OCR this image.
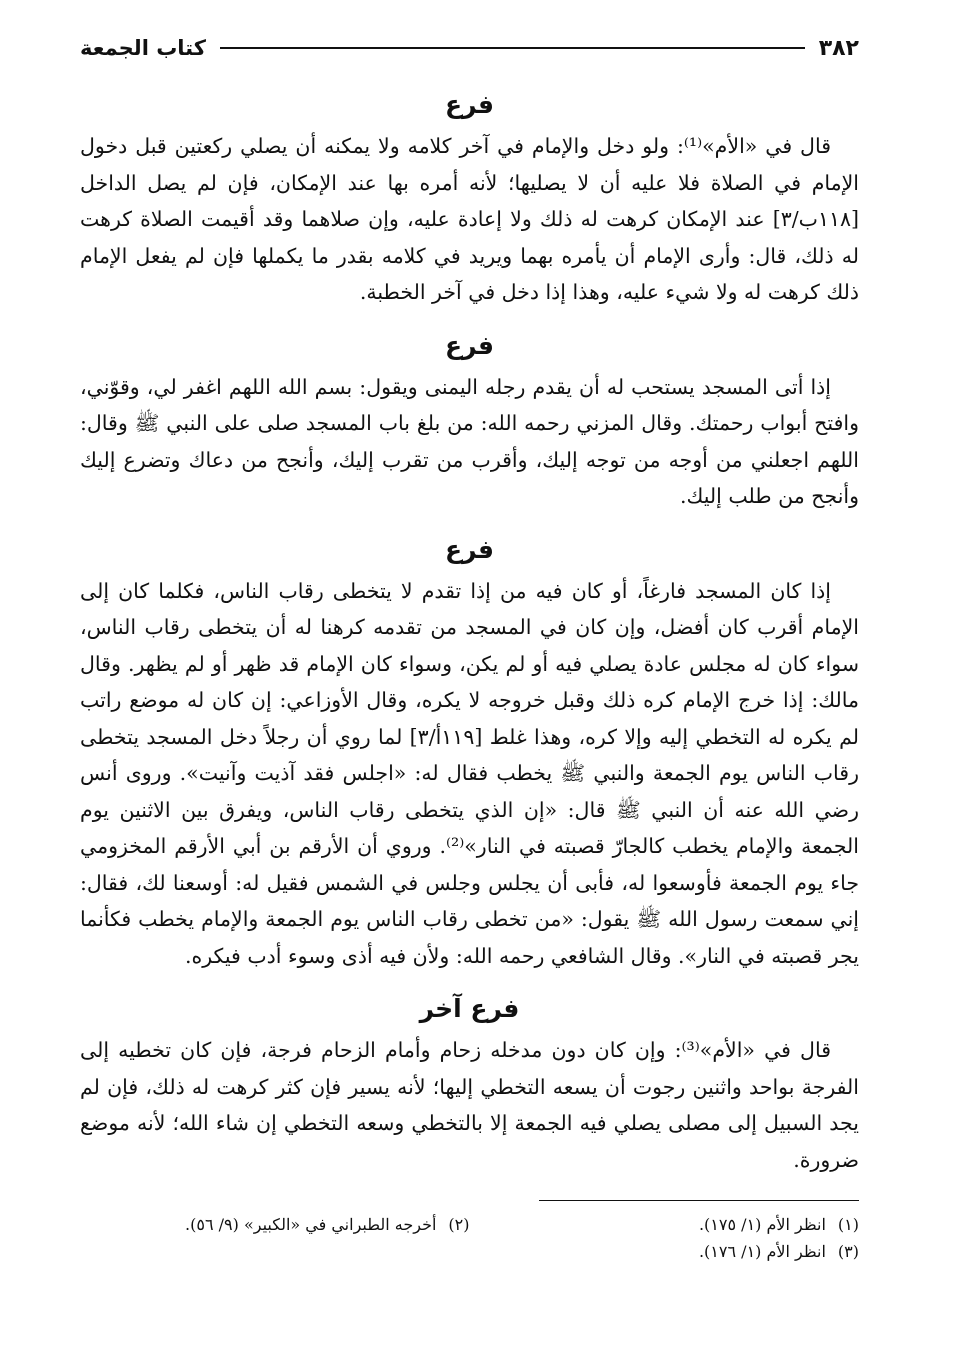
٣٨٢
كتاب الجمعة
فرع

قال في «الأم»⁽¹⁾: ولو دخل والإمام في آخر كلامه ولا يمكنه أن يصلي ركعتين قبل دخول الإمام في الصلاة فلا عليه أن لا يصليها؛ لأنه أمره بها عند الإمكان، فإن لم يصل الداخل [١١٨ب/٣] عند الإمكان كرهت له ذلك ولا إعادة عليه، وإن صلاهما وقد أقيمت الصلاة كرهت له ذلك، قال: وأرى الإمام أن يأمره بهما ويريد في كلامه بقدر ما يكملها فإن لم يفعل الإمام ذلك كرهت له ولا شيء عليه، وهذا إذا دخل في آخر الخطبة.

فرع

إذا أتى المسجد يستحب له أن يقدم رجله اليمنى ويقول: بسم الله اللهم اغفر لي، وقوّني، وافتح أبواب رحمتك. وقال المزني رحمه الله: من بلغ باب المسجد صلى على النبي ﷺ وقال: اللهم اجعلني من أوجه من توجه إليك، وأقرب من تقرب إليك، وأنجح من دعاك وتضرع إليك وأنجح من طلب إليك.

فرع

إذا كان المسجد فارغاً، أو كان فيه من إذا تقدم لا يتخطى رقاب الناس، فكلما كان إلى الإمام أقرب كان أفضل، وإن كان في المسجد من تقدمه كرهنا له أن يتخطى رقاب الناس، سواء كان له مجلس عادة يصلي فيه أو لم يكن، وسواء كان الإمام قد ظهر أو لم يظهر. وقال مالك: إذا خرج الإمام كره ذلك وقبل خروجه لا يكره، وقال الأوزاعي: إن كان له موضع راتب لم يكره له التخطي إليه وإلا كره، وهذا غلط [١١٩أ/٣] لما روي أن رجلاً دخل المسجد يتخطى رقاب الناس يوم الجمعة والنبي ﷺ يخطب فقال له: «اجلس فقد آذيت وآنيت». وروى أنس رضي الله عنه أن النبي ﷺ قال: «إن الذي يتخطى رقاب الناس، ويفرق بين الاثنين يوم الجمعة والإمام يخطب كالجارّ قصبته في النار»⁽²⁾. وروي أن الأرقم بن أبي الأرقم المخزومي جاء يوم الجمعة فأوسعوا له، فأبى أن يجلس وجلس في الشمس فقيل له: أوسعنا لك، فقال: إني سمعت رسول الله ﷺ يقول: «من تخطى رقاب الناس يوم الجمعة والإمام يخطب فكأنما يجر قصبته في النار». وقال الشافعي رحمه الله: ولأن فيه أذى وسوء أدب فيكره.

فرع آخر

قال في «الأم»⁽³⁾: وإن كان دون مدخله زحام وأمام الزحام فرجة، فإن كان تخطيه إلى الفرجة بواحد واثنين رجوت أن يسعه التخطي إليها؛ لأنه يسير فإن كثر كرهت له ذلك، فإن لم يجد السبيل إلى مصلى يصلي فيه الجمعة إلا بالتخطي وسعه التخطي إن شاء الله؛ لأنه موضع ضرورة.

(١)انظر الأم (١/ ١٧٥).
(٢)أخرجه الطبراني في «الكبير» (٩/ ٥٦).
(٣)انظر الأم (١/ ١٧٦).
